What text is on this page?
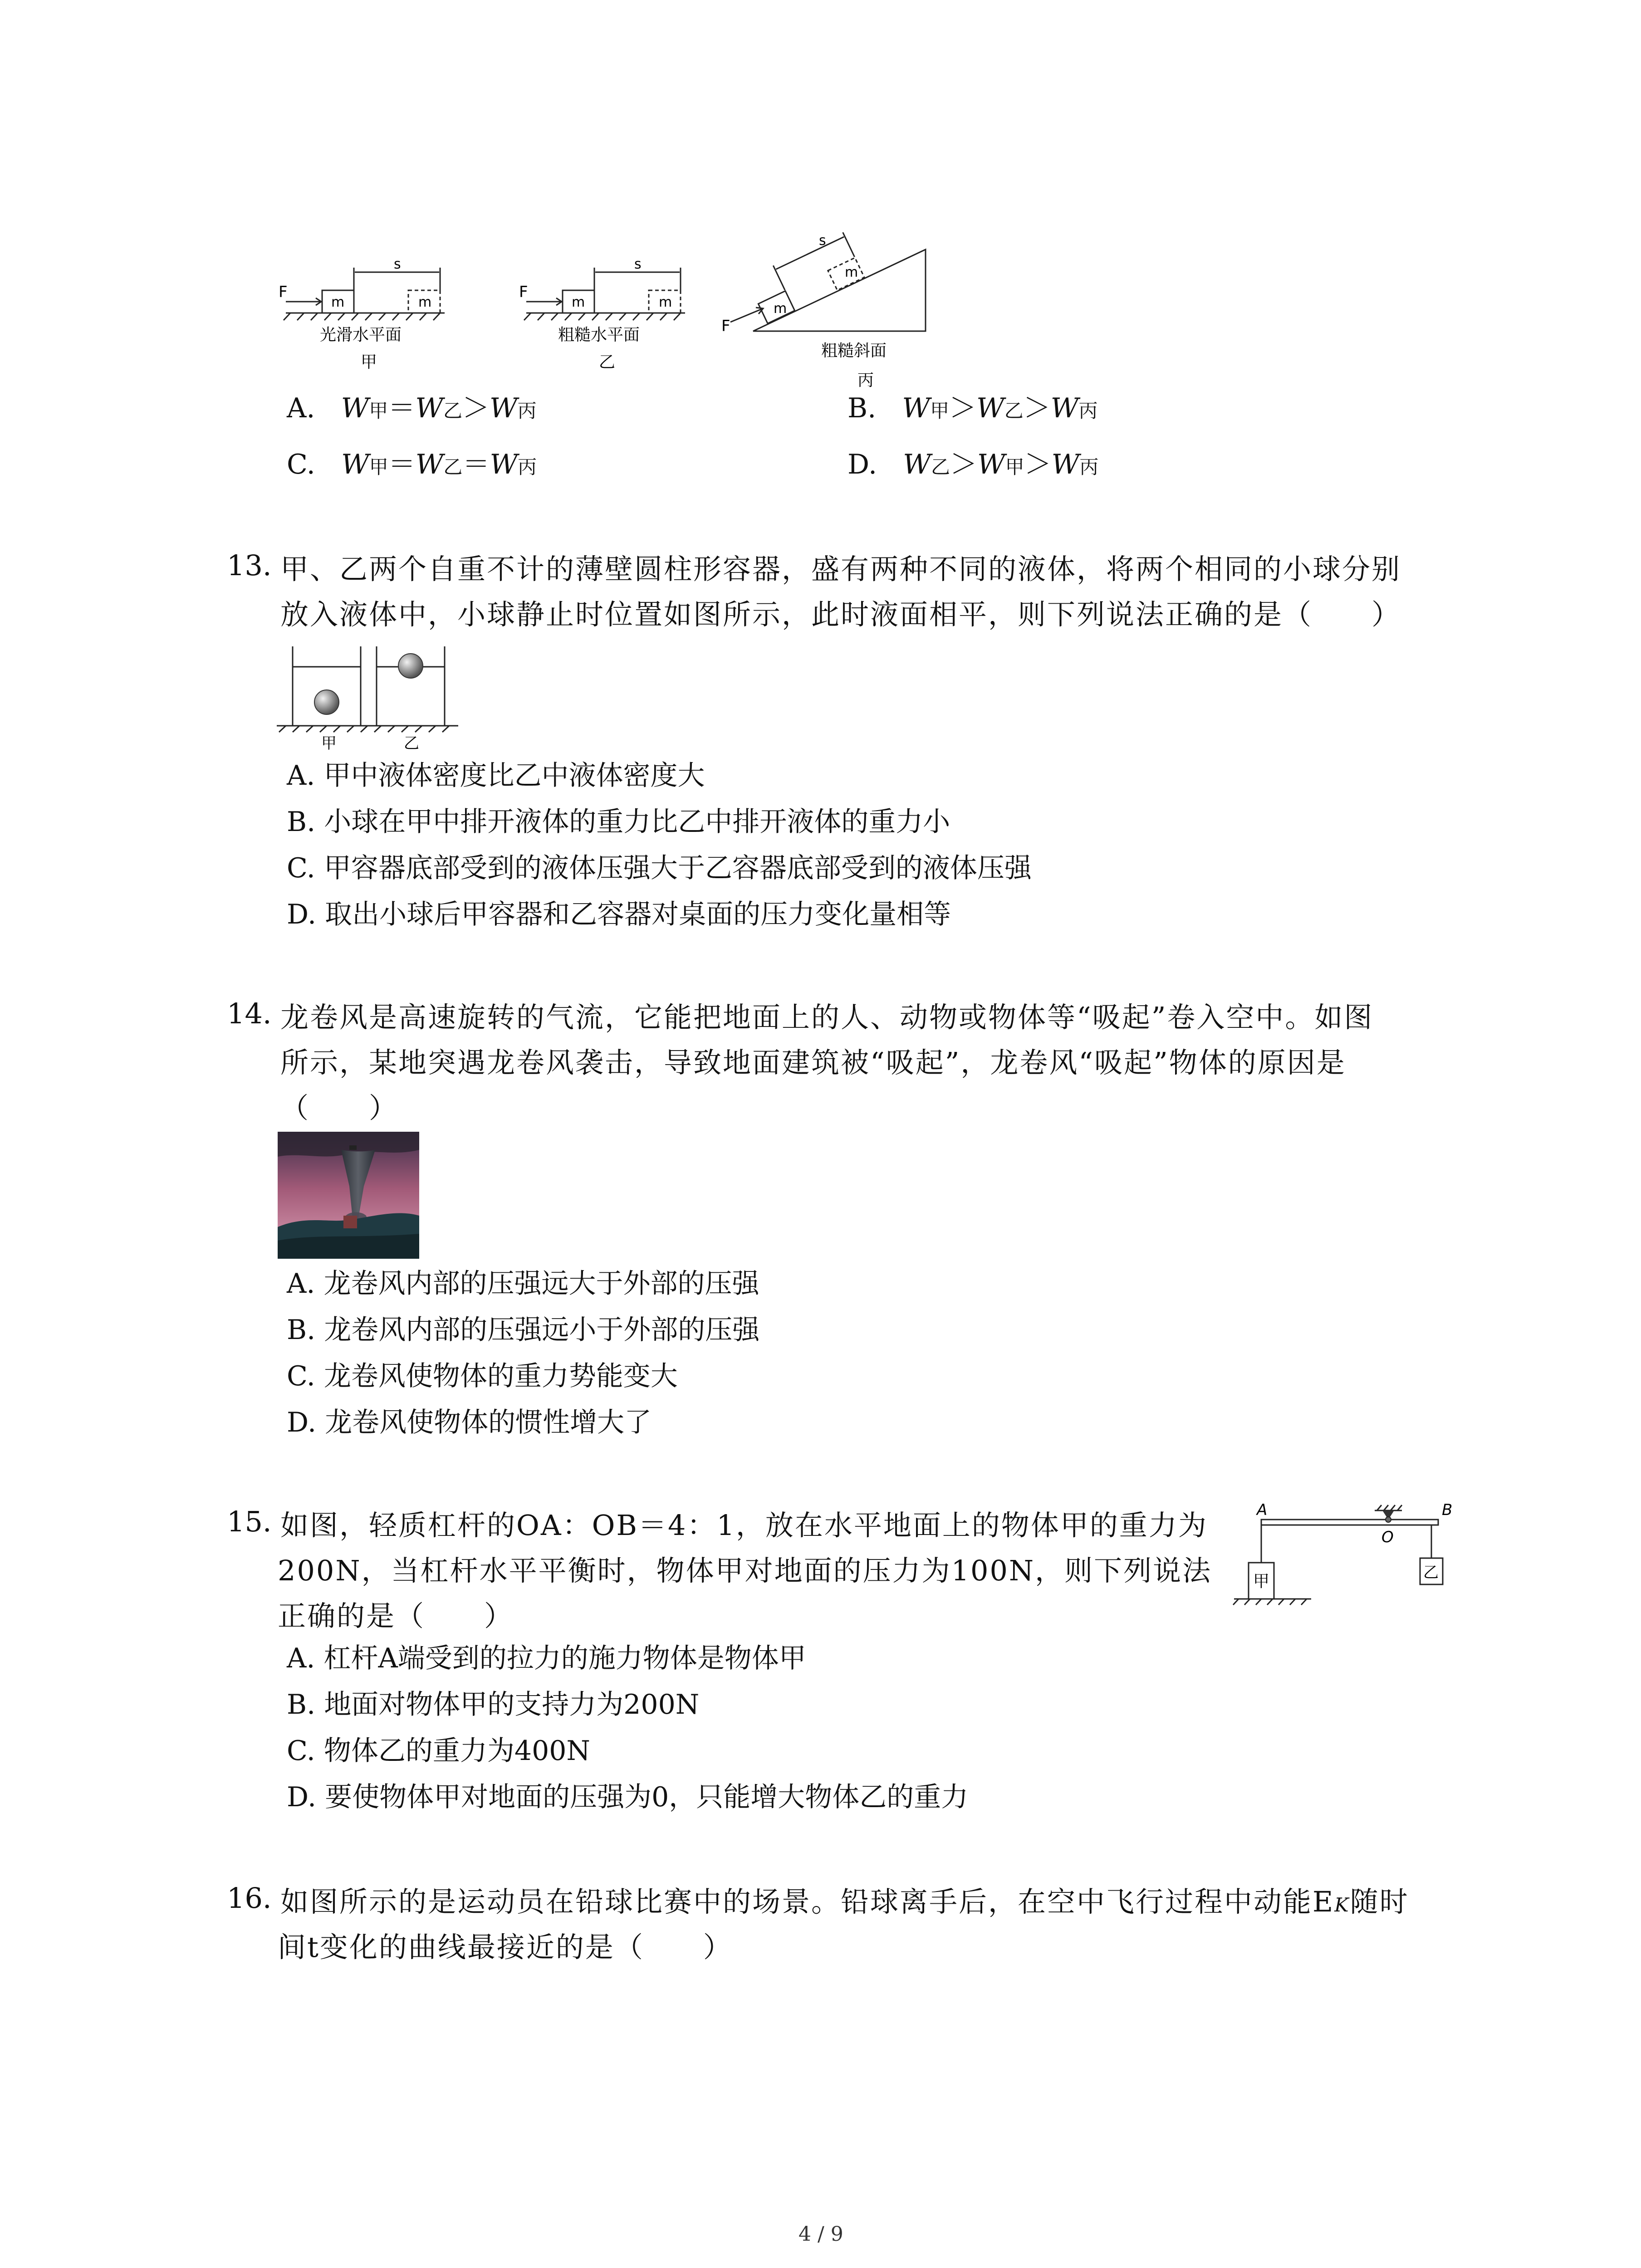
F
m	m
s
光滑水平面
甲
F
m	m
s
粗糙水平面
乙
F
m
m
s
粗糙斜面
丙
A. W甲＝W乙＞W丙	B. W甲＞W乙＞W丙
C. W甲＝W乙＝W丙	D. W乙＞W甲＞W丙
13. 甲、乙两个自重不计的薄壁圆柱形容器，盛有两种不同的液体，将两个相同的小球分别
放入液体中，小球静止时位置如图所示，此时液面相平，则下列说法正确的是（　　）
甲	乙
A. 甲中液体密度比乙中液体密度大
B. 小球在甲中排开液体的重力比乙中排开液体的重力小
C. 甲容器底部受到的液体压强大于乙容器底部受到的液体压强
D. 取出小球后甲容器和乙容器对桌面的压力变化量相等
14. 龙卷风是高速旋转的气流，它能把地面上的人、动物或物体等“吸起”卷入空中。如图
所示，某地突遇龙卷风袭击，导致地面建筑被“吸起”，龙卷风“吸起”物体的原因是
（　　）
A. 龙卷风内部的压强远大于外部的压强
B. 龙卷风内部的压强远小于外部的压强
C. 龙卷风使物体的重力势能变大
D. 龙卷风使物体的惯性增大了
15. 如图，轻质杠杆的OA：OB＝4：1，放在水平地面上的物体甲的重力为
200N，当杠杆水平平衡时，物体甲对地面的压力为100N，则下列说法
正确的是（　　）
A	B
O
甲	乙
A. 杠杆A端受到的拉力的施力物体是物体甲
B. 地面对物体甲的支持力为200N
C. 物体乙的重力为400N
D. 要使物体甲对地面的压强为0，只能增大物体乙的重力
16. 如图所示的是运动员在铅球比赛中的场景。铅球离手后，在空中飞行过程中动能EK随时
间t变化的曲线最接近的是（　　）
4 / 9
